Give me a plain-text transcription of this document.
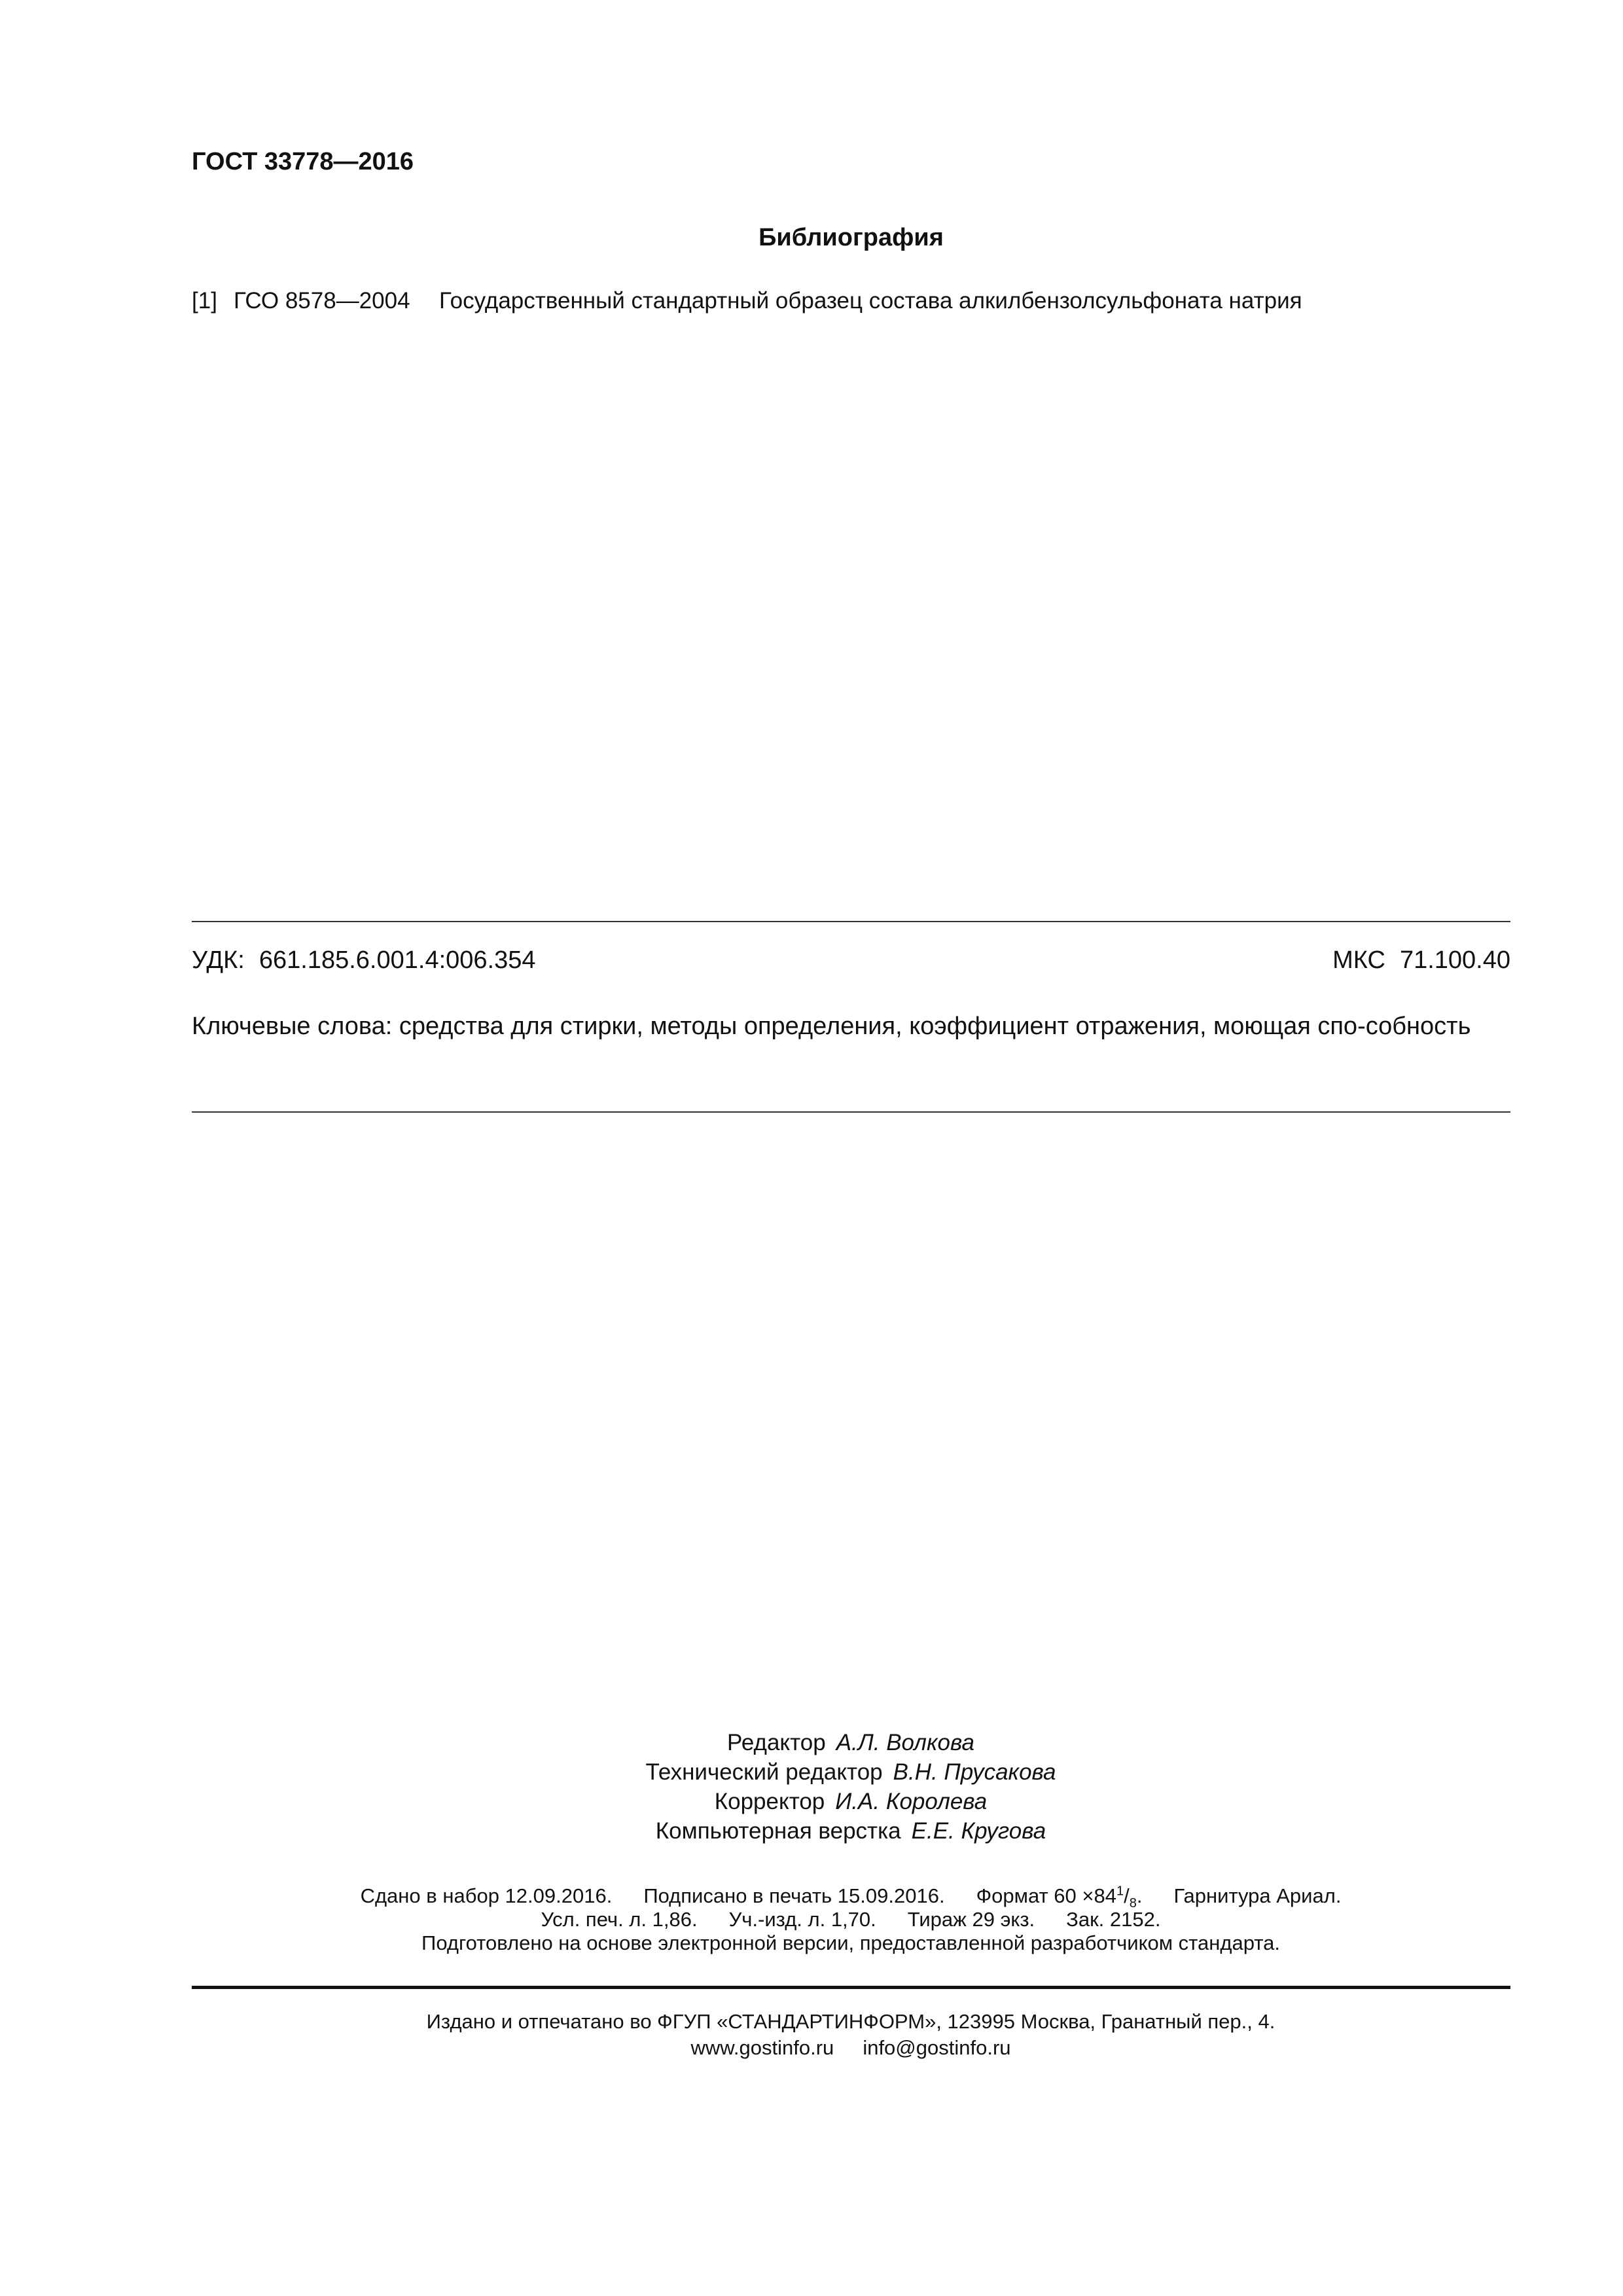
ГОСТ 33778—2016
Библиография
[1] ГСО 8578—2004 Государственный стандартный образец состава алкилбензолсульфоната натрия
УДК: 661.185.6.001.4:006.354	МКС 71.100.40
Ключевые слова: средства для стирки, методы определения, коэффициент отражения, моющая спо-собность
Редактор А.Л. Волкова
Технический редактор В.Н. Прусакова
Корректор И.А. Королева
Компьютерная верстка Е.Е. Кругова
Сдано в набор 12.09.2016. Подписано в печать 15.09.2016. Формат $60 \times 84^1/_8$. Гарнитура Ариал.
Усл. печ. л. 1,86. Уч.-изд. л. 1,70. Тираж 29 экз. Зак. 2152.
Подготовлено на основе электронной версии, предоставленной разработчиком стандарта.
Издано и отпечатано во ФГУП «СТАНДАРТИНФОРМ», 123995 Москва, Гранатный пер., 4.
www.gostinfo.ru info@gostinfo.ru
